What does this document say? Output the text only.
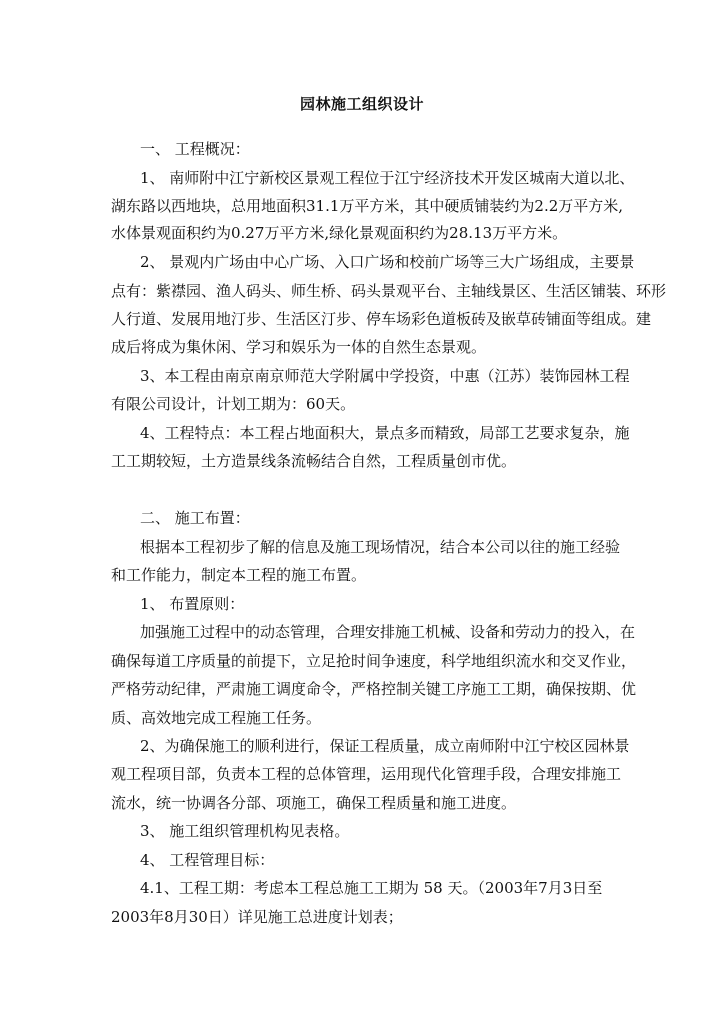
园林施工组织设计
一、 工程概况：
1、 南师附中江宁新校区景观工程位于江宁经济技术开发区城南大道以北、
湖东路以西地块，总用地面积31.1万平方米，其中硬质铺装约为2.2万平方米,
水体景观面积约为0.27万平方米,绿化景观面积约为28.13万平方米。
2、 景观内广场由中心广场、入口广场和校前广场等三大广场组成，主要景
点有：紫襟园、渔人码头、师生桥、码头景观平台、主轴线景区、生活区铺装、环形
人行道、发展用地汀步、生活区汀步、停车场彩色道板砖及嵌草砖铺面等组成。建
成后将成为集休闲、学习和娱乐为一体的自然生态景观。
3、本工程由南京南京师范大学附属中学投资，中惠（江苏）装饰园林工程
有限公司设计，计划工期为：60天。
4、工程特点：本工程占地面积大，景点多而精致，局部工艺要求复杂，施
工工期较短，土方造景线条流畅结合自然，工程质量创市优。
二、 施工布置：
根据本工程初步了解的信息及施工现场情况，结合本公司以往的施工经验
和工作能力，制定本工程的施工布置。
1、 布置原则：
加强施工过程中的动态管理，合理安排施工机械、设备和劳动力的投入，在
确保每道工序质量的前提下，立足抢时间争速度，科学地组织流水和交叉作业，
严格劳动纪律，严肃施工调度命令，严格控制关键工序施工工期，确保按期、优
质、高效地完成工程施工任务。
2、为确保施工的顺利进行，保证工程质量，成立南师附中江宁校区园林景
观工程项目部，负责本工程的总体管理，运用现代化管理手段，合理安排施工
流水，统一协调各分部、项施工，确保工程质量和施工进度。
3、 施工组织管理机构见表格。
4、 工程管理目标：
4.1、工程工期：考虑本工程总施工工期为 58 天。（2003年7月3日至
2003年8月30日）详见施工总进度计划表；
